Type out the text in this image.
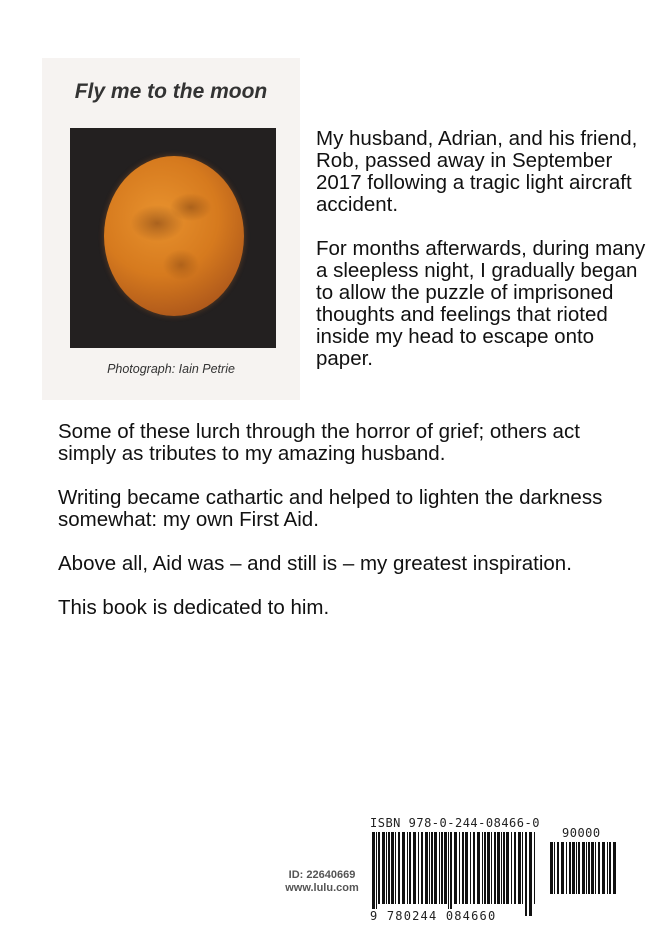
Fly me to the moon
Photograph: Iain Petrie

My husband, Adrian, and his friend, Rob, passed away in September 2017 following a tragic light aircraft accident.

For months afterwards, during many a sleepless night, I gradually began to allow the puzzle of imprisoned thoughts and feelings that rioted inside my head to escape onto paper.

Some of these lurch through the horror of grief; others act simply as tributes to my amazing husband.

Writing became cathartic and helped to lighten the darkness somewhat: my own First Aid.

Above all, Aid was – and still is – my greatest inspiration.

This book is dedicated to him.

ID: 22640669
www.lulu.com
ISBN 978-0-244-08466-0
90000
9 780244 084660
